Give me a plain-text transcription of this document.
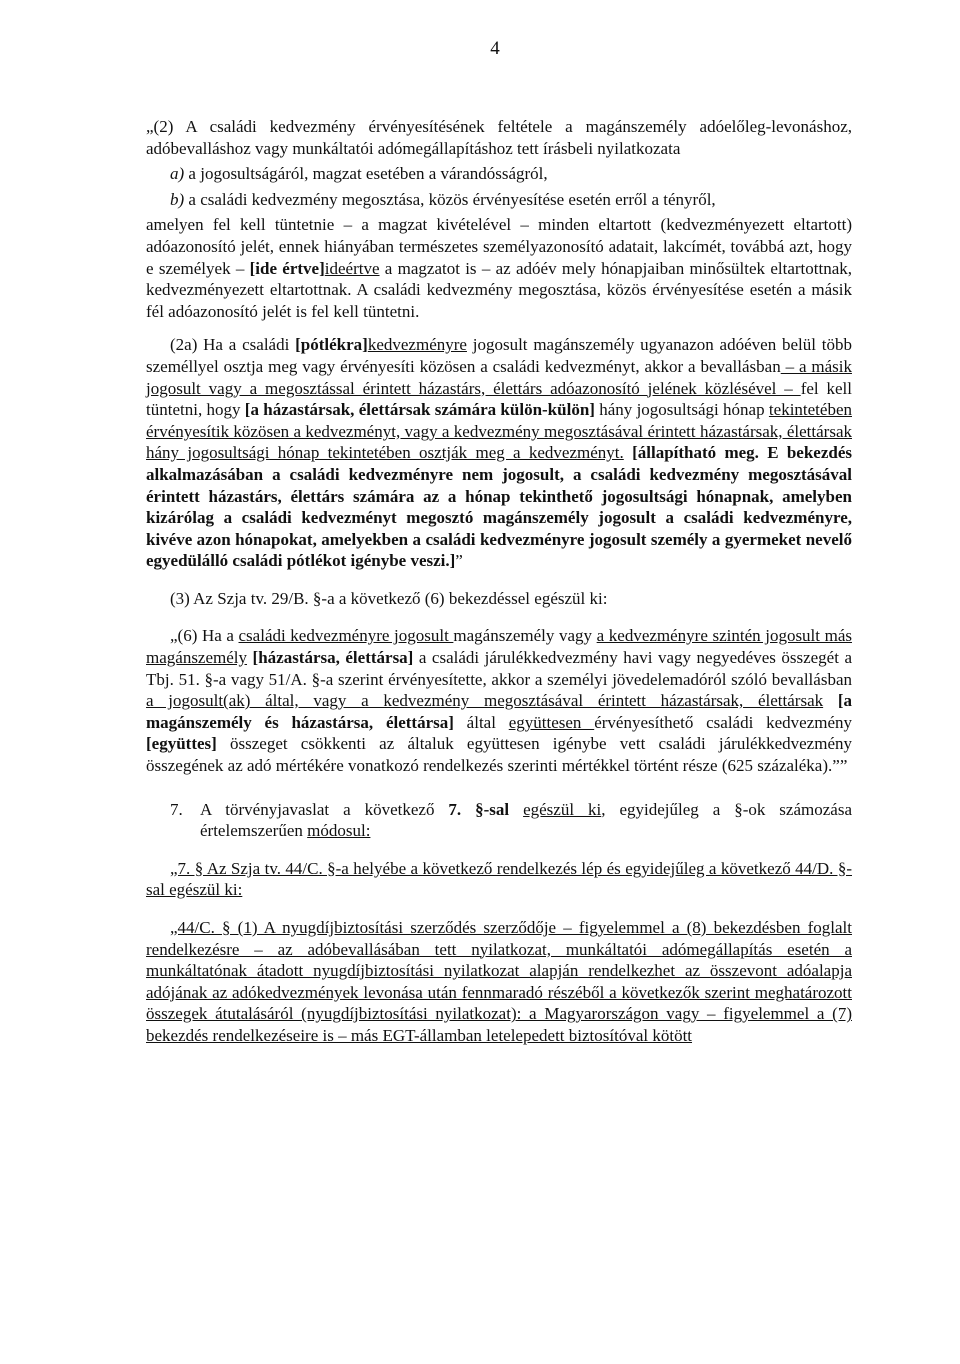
4

„(2) A családi kedvezmény érvényesítésének feltétele a magánszemély adóelőleg-levonáshoz, adóbevalláshoz vagy munkáltatói adómegállapításhoz tett írásbeli nyilatkozata
a) a jogosultságáról, magzat esetében a várandósságról,
b) a családi kedvezmény megosztása, közös érvényesítése esetén erről a tényről,

amelyen fel kell tüntetnie – a magzat kivételével – minden eltartott (kedvezményezett eltartott) adóazonosító jelét, ennek hiányában természetes személyazonosító adatait, lakcímét, továbbá azt, hogy e személyek – [ide értve]ideértve a magzatot is – az adóév mely hónapjaiban minősültek eltartottnak, kedvezményezett eltartottnak. A családi kedvezmény megosztása, közös érvényesítése esetén a másik fél adóazonosító jelét is fel kell tüntetni.

(2a) Ha a családi [pótlékra]kedvezményre jogosult magánszemély ugyanazon adóéven belül több személlyel osztja meg vagy érvényesíti közösen a családi kedvezményt, akkor a bevallásban – a másik jogosult vagy a megosztással érintett házastárs, élettárs adóazonosító jelének közlésével – fel kell tüntetni, hogy [a házastársak, élettársak számára külön-külön] hány jogosultsági hónap tekintetében érvényesítik közösen a kedvezményt, vagy a kedvezmény megosztásával érintett házastársak, élettársak hány jogosultsági hónap tekintetében osztják meg a kedvezményt. [állapítható meg. E bekezdés alkalmazásában a családi kedvezményre nem jogosult, a családi kedvezmény megosztásával érintett házastárs, élettárs számára az a hónap tekinthető jogosultsági hónapnak, amelyben kizárólag a családi kedvezményt megosztó magánszemély jogosult a családi kedvezményre, kivéve azon hónapokat, amelyekben a családi kedvezményre jogosult személy a gyermeket nevelő egyedülálló családi pótlékot igénybe veszi.]”

(3) Az Szja tv. 29/B. §-a a következő (6) bekezdéssel egészül ki:

„(6) Ha a családi kedvezményre jogosult magánszemély vagy a kedvezményre szintén jogosult más magánszemély [házastársa, élettársa] a családi járulékkedvezmény havi vagy negyedéves összegét a Tbj. 51. §-a vagy 51/A. §-a szerint érvényesítette, akkor a személyi jövedelemadóról szóló bevallásban a jogosult(ak) által, vagy a kedvezmény megosztásával érintett házastársak, élettársak [a magánszemély és házastársa, élettársa] által együttesen érvényesíthető családi kedvezmény [együttes] összeget csökkenti az általuk együttesen igénybe vett családi járulékkedvezmény összegének az adó mértékére vonatkozó rendelkezés szerinti mértékkel történt része (625 százaléka).””

7.	A törvényjavaslat a következő 7. §-sal egészül ki, egyidejűleg a §-ok számozása értelemszerűen módosul:

„7. § Az Szja tv. 44/C. §-a helyébe a következő rendelkezés lép és egyidejűleg a következő 44/D. §-sal egészül ki:

„44/C. § (1) A nyugdíjbiztosítási szerződés szerződője – figyelemmel a (8) bekezdésben foglalt rendelkezésre – az adóbevallásában tett nyilatkozat, munkáltatói adómegállapítás esetén a munkáltatónak átadott nyugdíjbiztosítási nyilatkozat alapján rendelkezhet az összevont adóalapja adójának az adókedvezmények levonása után fennmaradó részéből a következők szerint meghatározott összegek átutalásáról (nyugdíjbiztosítási nyilatkozat): a Magyarországon vagy – figyelemmel a (7) bekezdés rendelkezéseire is – más EGT-államban letelepedett biztosítóval kötött
